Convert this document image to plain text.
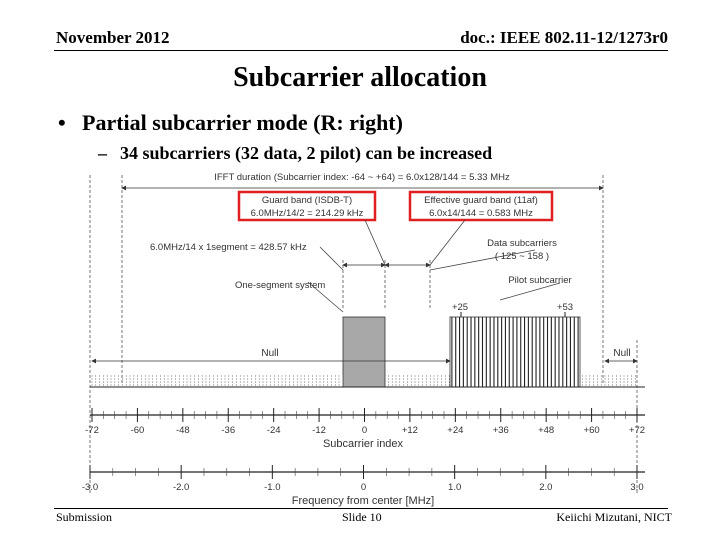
November 2012	doc.: IEEE 802.11-12/1273r0
Subcarrier allocation
• Partial subcarrier mode (R: right)
– 34 subcarriers (32 data, 2 pilot) can be increased
IFFT duration (Subcarrier index: -64 ~ +64) = 6.0x128/144 = 5.33 MHz
Guard band (ISDB-T)
6.0MHz/14/2 = 214.29 kHz
Effective guard band (11af)
6.0x14/144 = 0.583 MHz
6.0MHz/14 x 1segment = 428.57 kHz	Data subcarriers
( 125 ~ 158 )
Pilot subcarrier
One-segment system
+25	+53
Null	Null
-72	-60	-48	-36	-24	-12	0	+12	+24	+36	+48	+60	+72
Subcarrier index
-3.0	-2.0	-1.0	0	1.0	2.0	3.0
Frequency from center [MHz]
Submission	Slide 10	Keiichi Mizutani, NICT
